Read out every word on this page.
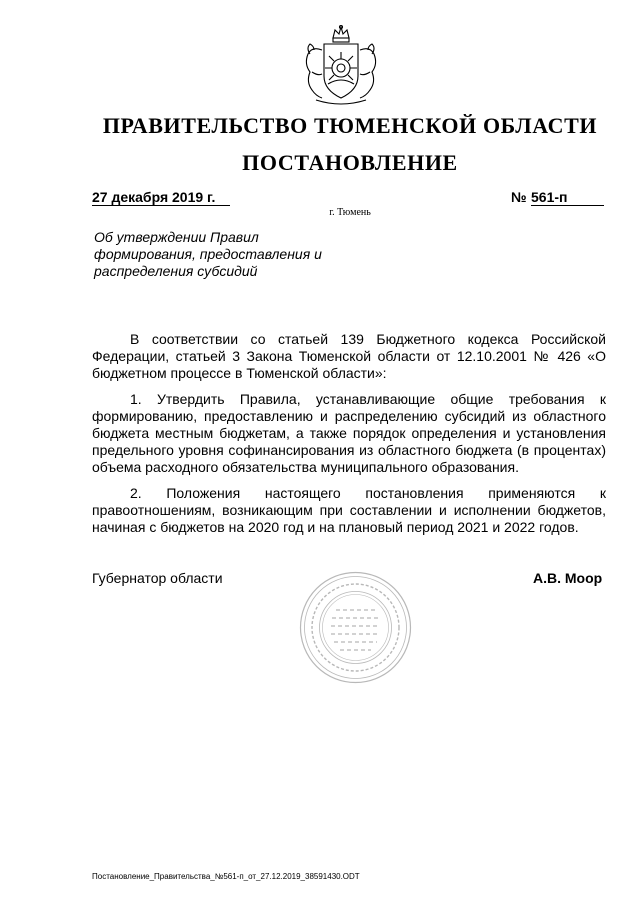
ПРАВИТЕЛЬСТВО ТЮМЕНСКОЙ ОБЛАСТИ
ПОСТАНОВЛЕНИЕ
27 декабря 2019 г.	№ 561-п
г. Тюмень
Об утверждении Правил формирования, предоставления и распределения субсидий

В соответствии со статьей 139 Бюджетного кодекса Российской Федерации, статьей 3 Закона Тюменской области от 12.10.2001 № 426 «О бюджетном процессе в Тюменской области»:

1. Утвердить Правила, устанавливающие общие требования к формированию, предоставлению и распределению субсидий из областного бюджета местным бюджетам, а также порядок определения и установления предельного уровня софинансирования из областного бюджета (в процентах) объема расходного обязательства муниципального образования.

2. Положения настоящего постановления применяются к правоотношениям, возникающим при составлении и исполнении бюджетов, начиная с бюджетов на 2020 год и на плановый период 2021 и 2022 годов.

Губернатор области	А.В. Моор
Постановление_Правительства_№561-п_от_27.12.2019_38591430.ODT
